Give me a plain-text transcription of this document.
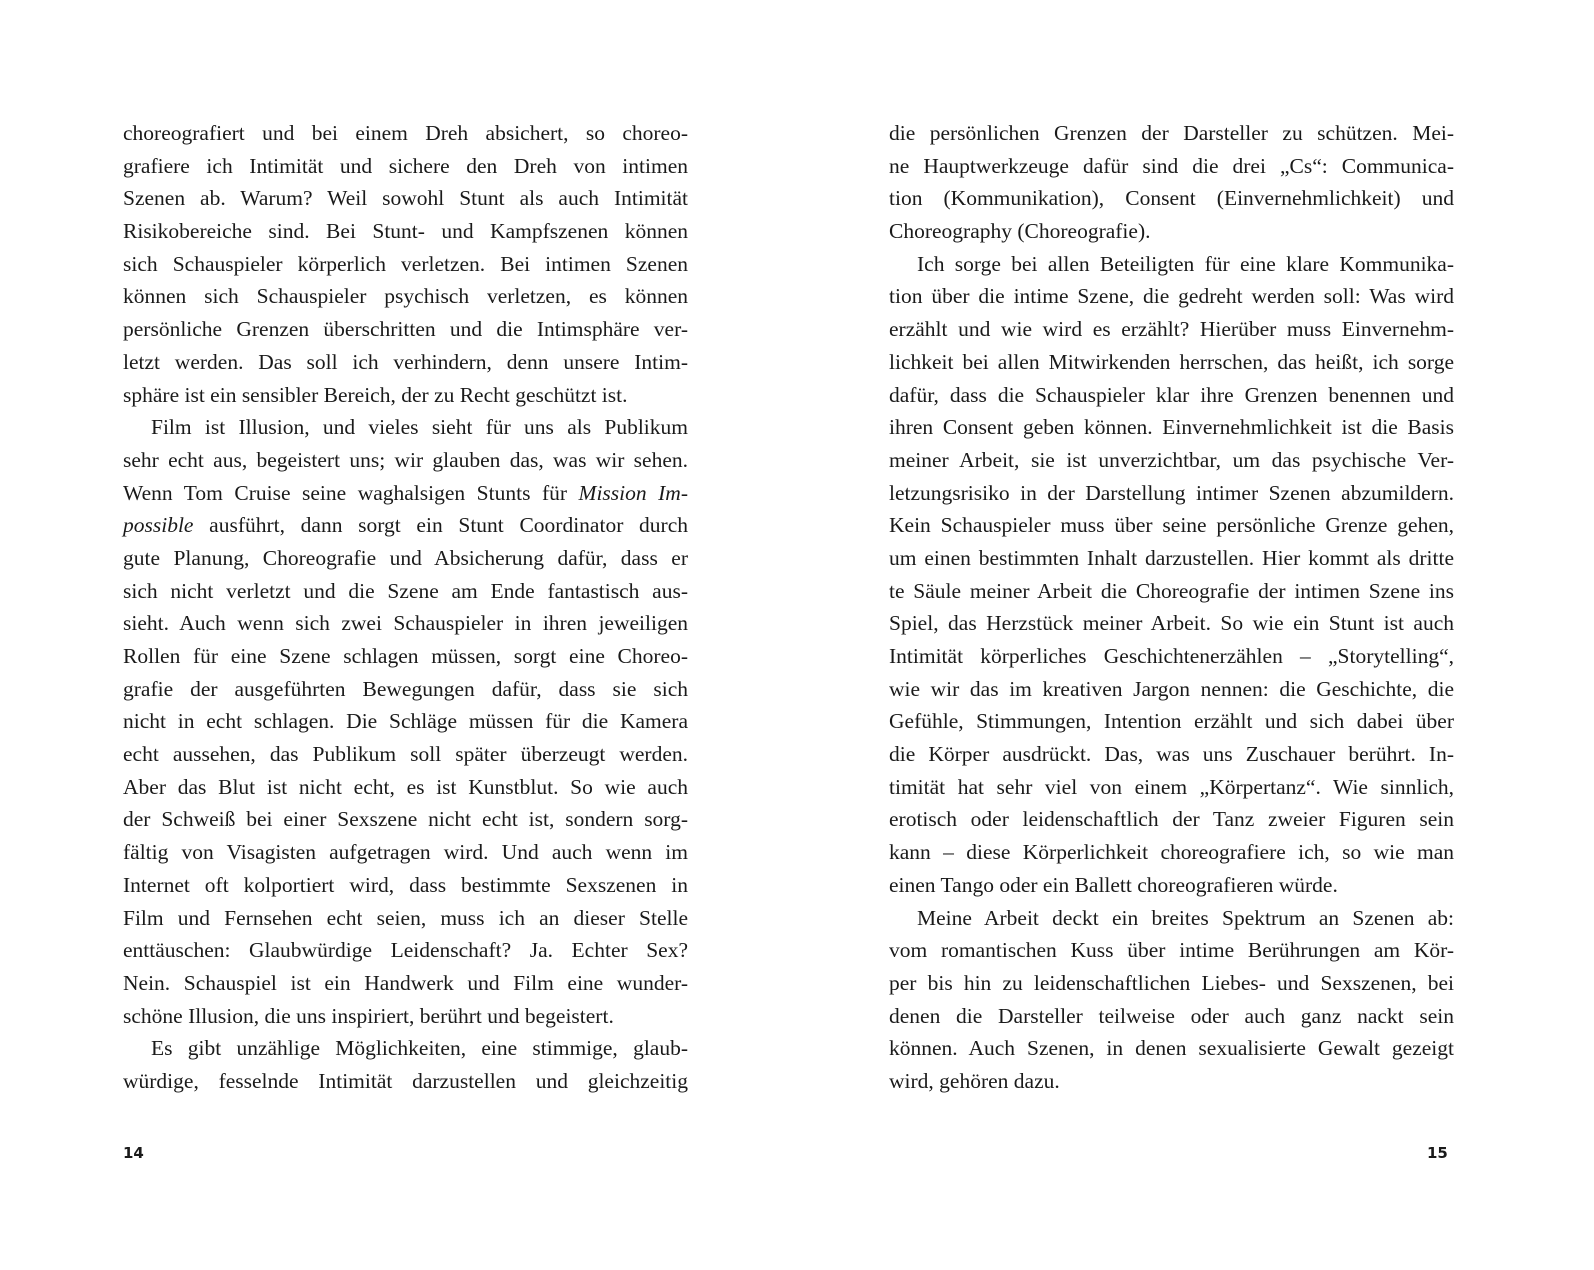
choreografiert und bei einem Dreh absichert, so choreo-
grafiere ich Intimität und sichere den Dreh von intimen
Szenen ab. Warum? Weil sowohl Stunt als auch Intimität
Risikobereiche sind. Bei Stunt- und Kampfszenen können
sich Schauspieler körperlich verletzen. Bei intimen Szenen
können sich Schauspieler psychisch verletzen, es können
persönliche Grenzen überschritten und die Intimsphäre ver-
letzt werden. Das soll ich verhindern, denn unsere Intim-
sphäre ist ein sensibler Bereich, der zu Recht geschützt ist.
Film ist Illusion, und vieles sieht für uns als Publikum
sehr echt aus, begeistert uns; wir glauben das, was wir sehen.
Wenn Tom Cruise seine waghalsigen Stunts für Mission Im-
possible ausführt, dann sorgt ein Stunt Coordinator durch
gute Planung, Choreografie und Absicherung dafür, dass er
sich nicht verletzt und die Szene am Ende fantastisch aus-
sieht. Auch wenn sich zwei Schauspieler in ihren jeweiligen
Rollen für eine Szene schlagen müssen, sorgt eine Choreo-
grafie der ausgeführten Bewegungen dafür, dass sie sich
nicht in echt schlagen. Die Schläge müssen für die Kamera
echt aussehen, das Publikum soll später überzeugt werden.
Aber das Blut ist nicht echt, es ist Kunstblut. So wie auch
der Schweiß bei einer Sexszene nicht echt ist, sondern sorg-
fältig von Visagisten aufgetragen wird. Und auch wenn im
Internet oft kolportiert wird, dass bestimmte Sexszenen in
Film und Fernsehen echt seien, muss ich an dieser Stelle
enttäuschen: Glaubwürdige Leidenschaft? Ja. Echter Sex?
Nein. Schauspiel ist ein Handwerk und Film eine wunder-
schöne Illusion, die uns inspiriert, berührt und begeistert.
Es gibt unzählige Möglichkeiten, eine stimmige, glaub-
würdige, fesselnde Intimität darzustellen und gleichzeitig
die persönlichen Grenzen der Darsteller zu schützen. Mei-
ne Hauptwerkzeuge dafür sind die drei „Cs“: Communica-
tion (Kommunikation), Consent (Einvernehmlichkeit) und
Choreography (Choreografie).
Ich sorge bei allen Beteiligten für eine klare Kommunika-
tion über die intime Szene, die gedreht werden soll: Was wird
erzählt und wie wird es erzählt? Hierüber muss Einvernehm-
lichkeit bei allen Mitwirkenden herrschen, das heißt, ich sorge
dafür, dass die Schauspieler klar ihre Grenzen benennen und
ihren Consent geben können. Einvernehmlichkeit ist die Basis
meiner Arbeit, sie ist unverzichtbar, um das psychische Ver-
letzungsrisiko in der Darstellung intimer Szenen abzumildern.
Kein Schauspieler muss über seine persönliche Grenze gehen,
um einen bestimmten Inhalt darzustellen. Hier kommt als dritte
te Säule meiner Arbeit die Choreografie der intimen Szene ins
Spiel, das Herzstück meiner Arbeit. So wie ein Stunt ist auch
Intimität körperliches Geschichtenerzählen – „Storytelling“,
wie wir das im kreativen Jargon nennen: die Geschichte, die
Gefühle, Stimmungen, Intention erzählt und sich dabei über
die Körper ausdrückt. Das, was uns Zuschauer berührt. In-
timität hat sehr viel von einem „Körpertanz“. Wie sinnlich,
erotisch oder leidenschaftlich der Tanz zweier Figuren sein
kann – diese Körperlichkeit choreografiere ich, so wie man
einen Tango oder ein Ballett choreografieren würde.
Meine Arbeit deckt ein breites Spektrum an Szenen ab:
vom romantischen Kuss über intime Berührungen am Kör-
per bis hin zu leidenschaftlichen Liebes- und Sexszenen, bei
denen die Darsteller teilweise oder auch ganz nackt sein
können. Auch Szenen, in denen sexualisierte Gewalt gezeigt
wird, gehören dazu.
14	15
